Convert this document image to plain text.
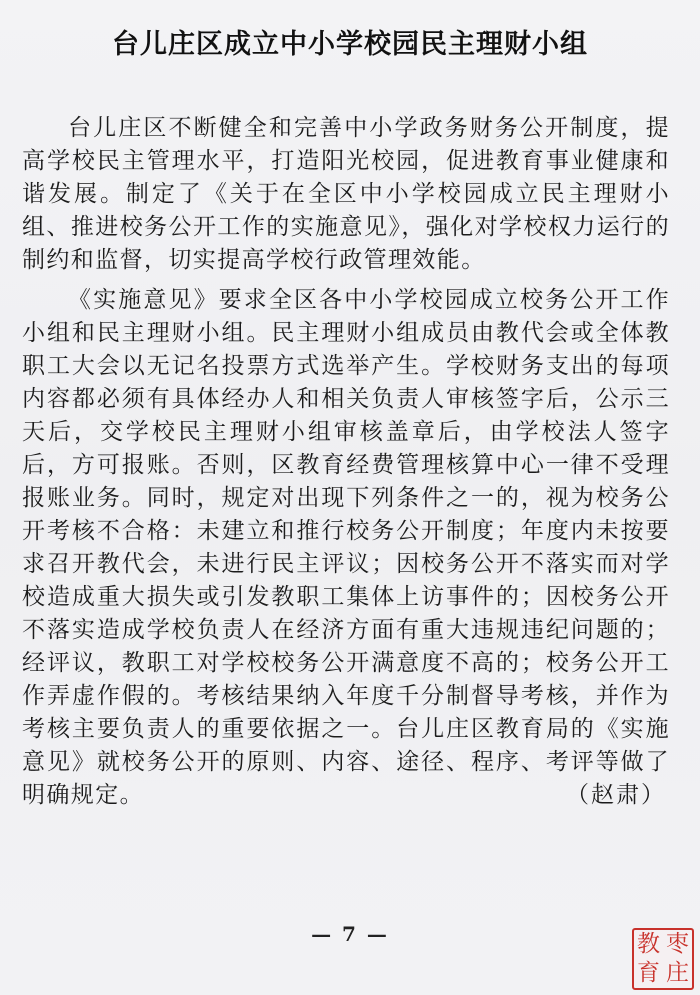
台儿庄区成立中小学校园民主理财小组

台儿庄区不断健全和完善中小学政务财务公开制度，提高学校民主管理水平，打造阳光校园，促进教育事业健康和谐发展。制定了《关于在全区中小学校园成立民主理财小组、推进校务公开工作的实施意见》，强化对学校权力运行的制约和监督，切实提高学校行政管理效能。

《实施意见》要求全区各中小学校园成立校务公开工作小组和民主理财小组。民主理财小组成员由教代会或全体教职工大会以无记名投票方式选举产生。学校财务支出的每项内容都必须有具体经办人和相关负责人审核签字后，公示三天后，交学校民主理财小组审核盖章后，由学校法人签字后，方可报账。否则，区教育经费管理核算中心一律不受理报账业务。同时，规定对出现下列条件之一的，视为校务公开考核不合格：未建立和推行校务公开制度；年度内未按要求召开教代会，未进行民主评议；因校务公开不落实而对学校造成重大损失或引发教职工集体上访事件的；因校务公开不落实造成学校负责人在经济方面有重大违规违纪问题的；经评议，教职工对学校校务公开满意度不高的；校务公开工作弄虚作假的。考核结果纳入年度千分制督导考核，并作为考核主要负责人的重要依据之一。台儿庄区教育局的《实施意见》就校务公开的原则、内容、途径、程序、考评等做了明确规定。	（赵肃）

— 7 —	教 枣
育 庄
